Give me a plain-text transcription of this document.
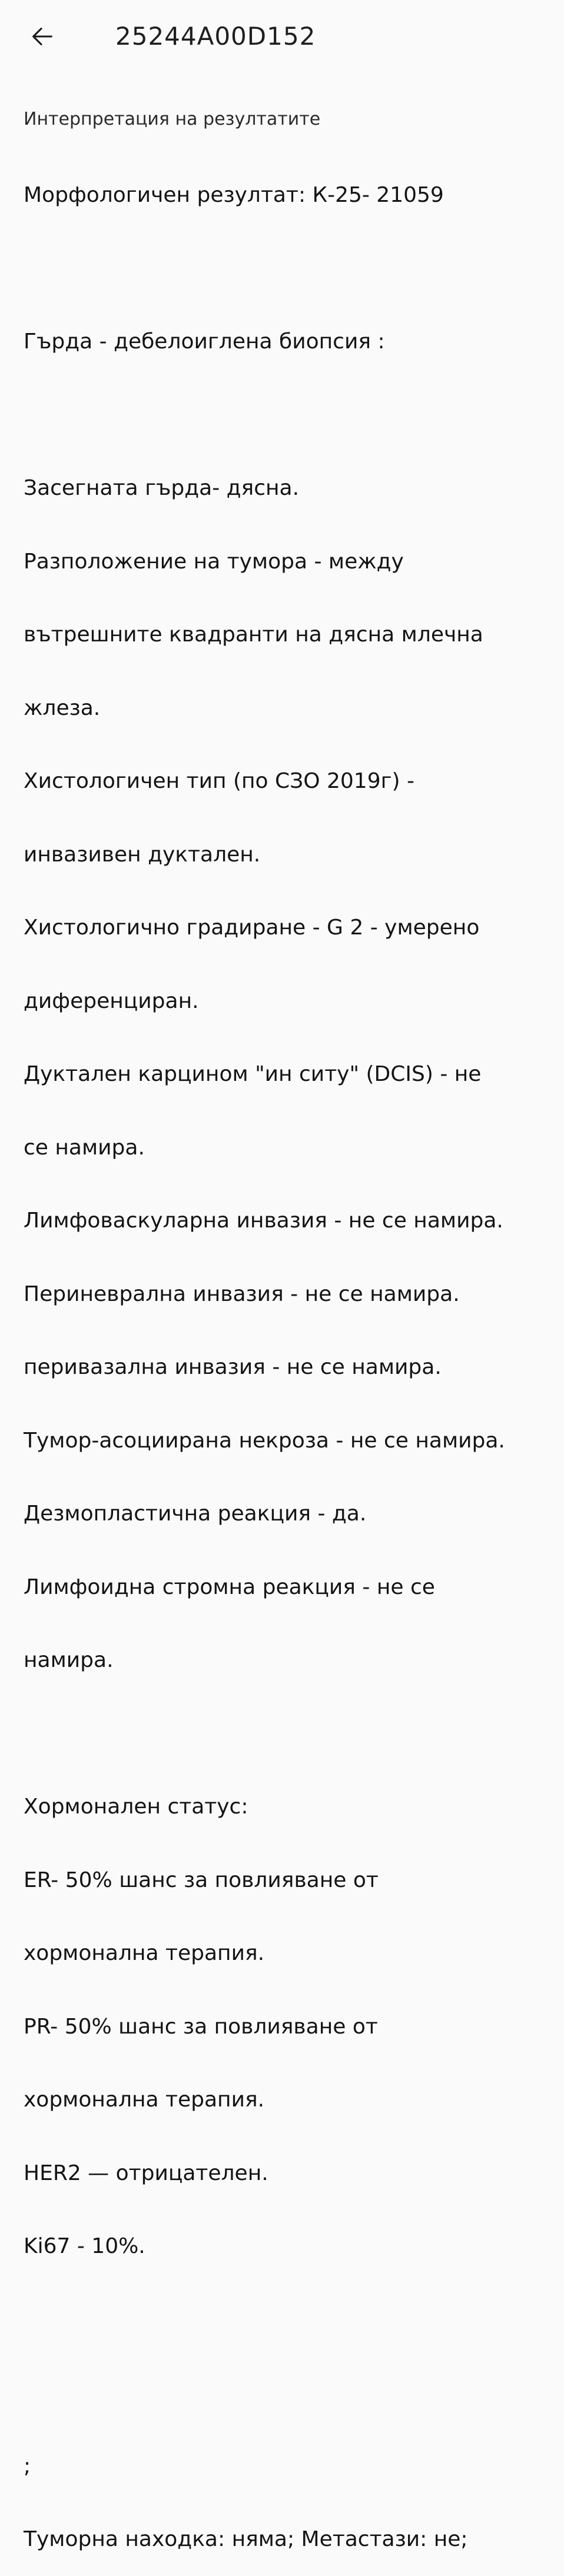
25244A00D152
Интерпретация на резултатите

Морфологичен резултат: К-25- 21059

Гърда - дебелоиглена биопсия :

Засегната гърда- дясна.

Разположение на тумора - между

вътрешните квадранти на дясна млечна

жлеза.

Хистологичен тип (по СЗО 2019г) -

инвазивен дуктален.

Хистологично градиране - G 2 - умерено

диференциран.

Дуктален карцином "ин ситу" (DCIS) - не

се намира.

Лимфоваскуларна инвазия - не се намира.

Периневрална инвазия - не се намира.

перивазална инвазия - не се намира.

Тумор-асоциирана некроза - не се намира.

Дезмопластична реакция - да.

Лимфоидна стромна реакция - не се

намира.

Хормонален статус:

ER- 50% шанс за повлияване от

хормонална терапия.

PR- 50% шанс за повлияване от

хормонална терапия.

HER2 — отрицателен.

Ki67 - 10%.

;

Туморна находка: няма; Метастази: не;
